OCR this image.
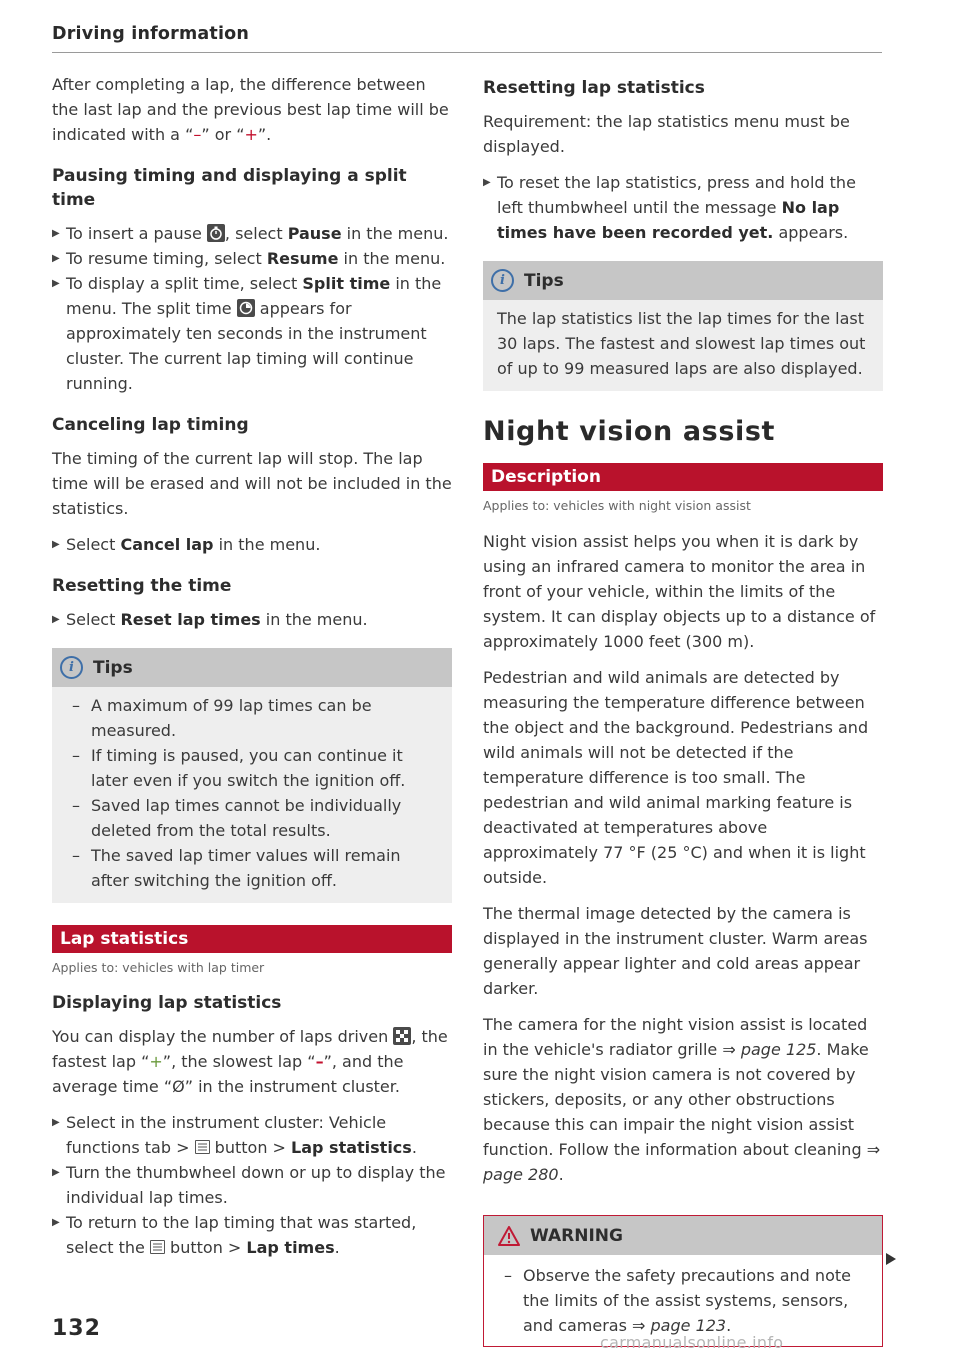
Driving information

After completing a lap, the difference between the last lap and the previous best lap time will be indicated with a “–” or “+”.

Pausing timing and displaying a split time
▶ To insert a pause
, select Pause in the menu.
▶ To resume timing, select Resume in the menu.
▶ To display a split time, select Split time in the menu. The split time
appears for approximately ten seconds in the instrument cluster. The current lap timing will continue running.
Canceling lap timing

The timing of the current lap will stop. The lap time will be erased and will not be included in the statistics.

▶ Select Cancel lap in the menu.
Resetting the time
▶ Select Reset lap times in the menu.
i	Tips
– A maximum of 99 lap times can be measured.
– If timing is paused, you can continue it later even if you switch the ignition off.
– Saved lap times cannot be individually deleted from the total results.
– The saved lap timer values will remain after switching the ignition off.
Lap statistics
Applies to: vehicles with lap timer
Displaying lap statistics

You can display the number of laps driven
, the fastest lap “+”, the slowest lap “–”, and the average time “Ø” in the instrument cluster.

▶ Select in the instrument cluster: Vehicle functions tab >
button > Lap statistics.
▶ Turn the thumbwheel down or up to display the individual lap times.
▶ To return to the lap timing that was started, select the
button > Lap times.
Resetting lap statistics

Requirement: the lap statistics menu must be displayed.

▶ To reset the lap statistics, press and hold the left thumbwheel until the message No lap times have been recorded yet. appears.
i	Tips

The lap statistics list the lap times for the last 30 laps. The fastest and slowest lap times out of up to 99 measured laps are also displayed.

Night vision assist
Description
Applies to: vehicles with night vision assist

Night vision assist helps you when it is dark by using an infrared camera to monitor the area in front of your vehicle, within the limits of the system. It can display objects up to a distance of approximately 1000 feet (300 m).

Pedestrian and wild animals are detected by measuring the temperature difference between the object and the background. Pedestrians and wild animals will not be detected if the temperature difference is too small. The pedestrian and wild animal marking feature is deactivated at temperatures above approximately 77 °F (25 °C) and when it is light outside.

The thermal image detected by the camera is displayed in the instrument cluster. Warm areas generally appear lighter and cold areas appear darker.

The camera for the night vision assist is located in the vehicle's radiator grille ⇒ page 125. Make sure the night vision camera is not covered by stickers, deposits, or any other obstructions because this can impair the night vision assist function. Follow the information about cleaning ⇒ page 280.

WARNING
– Observe the safety precautions and note the limits of the assist systems, sensors, and cameras ⇒ page 123.
132
carmanualsonline.info
